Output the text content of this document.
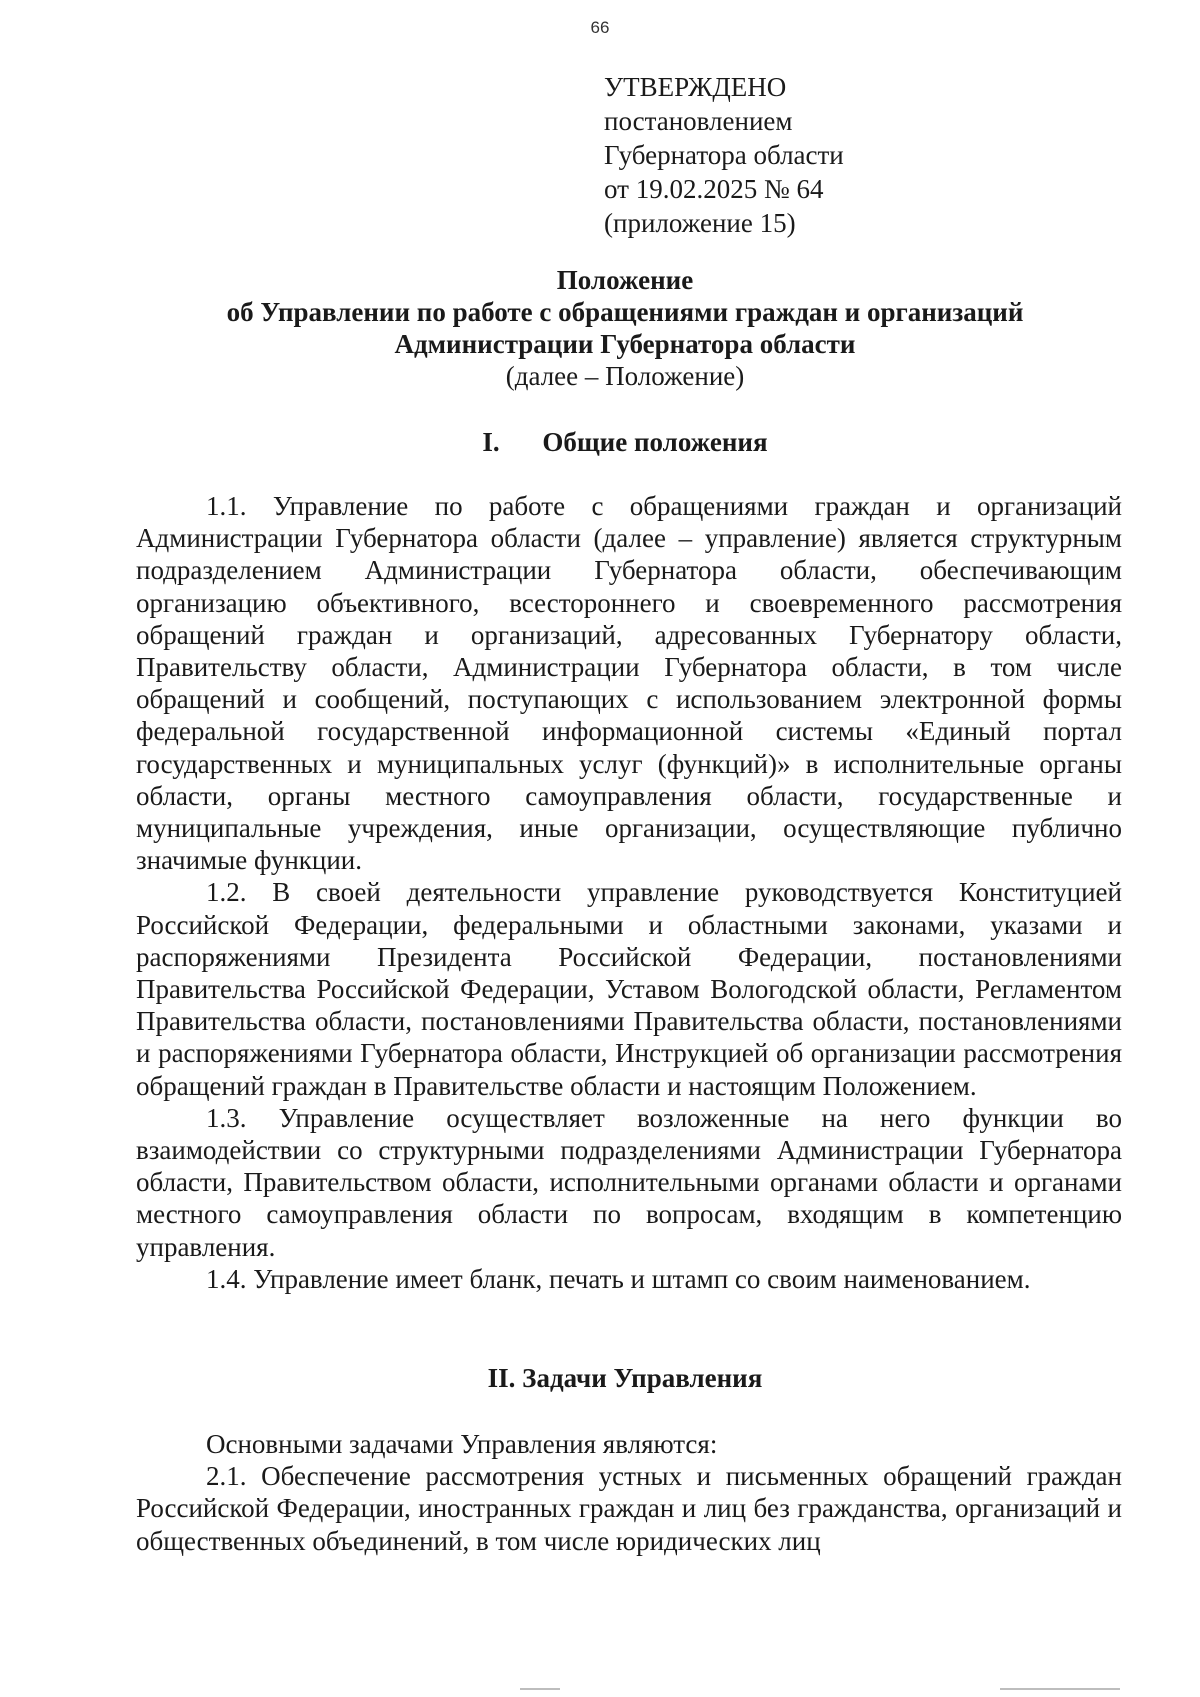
66
УТВЕРЖДЕНО
постановлением
Губернатора области
от 19.02.2025 № 64
(приложение 15)
Положение
об Управлении по работе с обращениями граждан и организаций
Администрации Губернатора области
(далее – Положение)
I. Общие положения

1.1. Управление по работе с обращениями граждан и организаций Администрации Губернатора области (далее – управление) является структурным подразделением Администрации Губернатора области, обеспечивающим организацию объективного, всестороннего и своевременного рассмотрения обращений граждан и организаций, адресованных Губернатору области, Правительству области, Администрации Губернатора области, в том числе обращений и сообщений, поступающих с использованием электронной формы федеральной государственной информационной системы «Единый портал государственных и муниципальных услуг (функций)» в исполнительные органы области, органы местного самоуправления области, государственные и муниципальные учреждения, иные организации, осуществляющие публично значимые функции.

1.2. В своей деятельности управление руководствуется Конституцией Российской Федерации, федеральными и областными законами, указами и распоряжениями Президента Российской Федерации, постановлениями Правительства Российской Федерации, Уставом Вологодской области, Регламентом Правительства области, постановлениями Правительства области, постановлениями и распоряжениями Губернатора области, Инструкцией об организации рассмотрения обращений граждан в Правительстве области и настоящим Положением.

1.3. Управление осуществляет возложенные на него функции во взаимодействии со структурными подразделениями Администрации Губернатора области, Правительством области, исполнительными органами области и органами местного самоуправления области по вопросам, входящим в компетенцию управления.

1.4. Управление имеет бланк, печать и штамп со своим наименованием.

II. Задачи Управления

Основными задачами Управления являются:

2.1. Обеспечение рассмотрения устных и письменных обращений граждан Российской Федерации, иностранных граждан и лиц без гражданства, организаций и общественных объединений, в том числе юридических лиц
